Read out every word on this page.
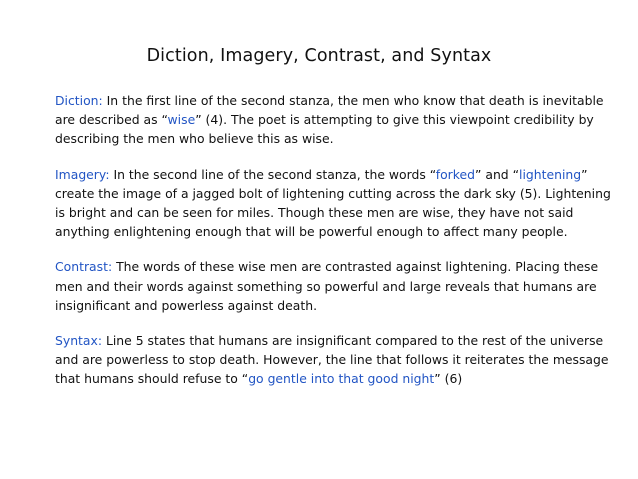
Diction, Imagery, Contrast, and Syntax

Diction: In the first line of the second stanza, the men who know that death is inevitable are described as “wise” (4). The poet is attempting to give this viewpoint credibility by describing the men who believe this as wise.

Imagery: In the second line of the second stanza, the words “forked” and “lightening” create the image of a jagged bolt of lightening cutting across the dark sky (5). Lightening is bright and can be seen for miles. Though these men are wise, they have not said anything enlightening enough that will be powerful enough to affect many people.

Contrast: The words of these wise men are contrasted against lightening. Placing these men and their words against something so powerful and large reveals that humans are insignificant and powerless against death.

Syntax: Line 5 states that humans are insignificant compared to the rest of the universe and are powerless to stop death. However, the line that follows it reiterates the message that humans should refuse to “go gentle into that good night” (6)
